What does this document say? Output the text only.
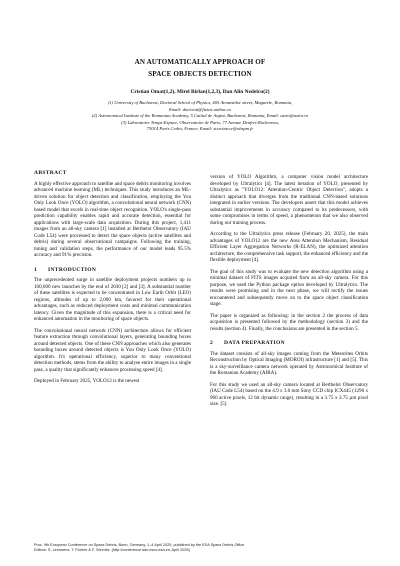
AN AUTOMATICALLY APPROACH OF
SPACE OBJECTS DETECTION
Cristian Omat(1,2), Mirel Birlan(1,2,3), Dan Alin Nedelcu(2)
(1) University of Bucharest, Doctoral School of Physics, 405 Atomistilor street, Magurele, Romania,
Email: doctorat@fizica.unibuc.ro
(2) Astronomical Institute of the Romanian Academy, 5 Cutitul de Argint, Bucharest, Romania, Email: astro@astro.ro
(3) Laboratoire Temps-Espace, Observatoire de Paris, 77 Avenue Denfert-Rochereau,
75014 Paris Cedex, France, Email: scar.imcce@obspm.fr
ABSTRACT

A highly effective approach to satellite and space debris monitoring involves advanced machine learning (ML) techniques. This study introduces an ML-driven solution for object detection and classification, employing the You Only Look Once (YOLO) algorithm, a convolutional neural network (CNN) based model that excels in real-time object recognition. YOLO's single-pass prediction capability enables rapid and accurate detection, essential for applications with large-scale data acquisition. During this project, 1,411 images from an all-sky camera [1] installed at Berthelot Observatory (IAU Code L54) were processed to detect the space objects (active satellites and debris) during several observational campaigns. Following the training, tuning and validation steps, the performance of our model leads 95.5% accuracy and 91% precision.

1	INTRODUCTION

The unprecedented surge in satellite deployment projects numbers up to 100,000 new launches by the end of 2030 [2] and [3]. A substantial number of these satellites is expected to be concentrated in Low Earth Orbit (LEO) regions, altitudes of up to 2,000 km, favored for their operational advantages, such as reduced deployment costs and minimal communication latency. Given the magnitude of this expansion, there is a critical need for enhanced automation in the monitoring of space objects.

The convolutional neural network (CNN) architecture allows for efficient feature extraction through convolutional layers, generating bounding boxes around detected objects. One of these CNN approaches which also generates bounding boxes around detected objects is You Only Look Once (YOLO) algorithm. It's operational efficiency, superior to many conventional detection methods, stems from the ability to analyse entire images in a single pass, a quality that significantly enhances processing speed [4].

Deployed in February 2025, YOLO12 is the newest

version of YOLO Algorithm, a computer vision model architecture developed by Ultralytics [4]. The latest iteration of YOLO, presented by Ultralytics as "YOLO12: Attention-Centric Object Detection", adopts a distinct approach that diverges from the traditional CNN-based solutions integrated in earlier versions. The developers assert that this model achieves substantial improvements in accuracy compared to its predecessors, with some compromises in terms of speed, a phenomenon that we also observed during our training process.

According to the Ultralytics press release (February 20, 2025), the main advantages of YOLO12 are the new Area Attention Mechanism, Residual Efficient Layer Aggregation Networks (R-ELAN), the optimized attention architecture, the comprehensive task support, the enhanced efficiency and the flexible deployment [4].

The goal of this study was to evaluate the new detection algorithm using a minimal dataset of FITS images acquired from an all-sky camera. For this purpose, we used the Python package option developed by Ultralytics. The results were promising and in the next phase, we will rectify the issues encountered and subsequently move on to the space object classification stage.

The paper is organized as following: in the section 2 the process of data acquisition is presented followed by the methodology (section 3) and the results (section 4). Finally, the conclusions are presented in the section 5.

2	DATA PREPARATION

The dataset consists of all-sky images coming from the Meteorites Orbits Reconstruction by Optical Imaging (MOROI) infrastructure [1] and [5]. This is a sky-surveillance camera network operated by Astronomical Institute of the Romanian Academy (AIRA).

For this study we used an all-sky camera located at Berthelot Observatory (IAU Code L54) based on the 4.9 x 3.6 mm Sony CCD chip ICX445 (1296 x 966 active pixels, 12 bit dynamic range), resulting in a 3.75 x 3.75 µm pixel size. [5]

Proc. 9th European Conference on Space Debris, Bonn, Germany, 1–4 April 2025, published by the ESA Space Debris Office
Editors: S. Lemmens, T. Flohrer & F. Schmitz, (http://conference.sdo.esoc.esa.int, April 2025)
